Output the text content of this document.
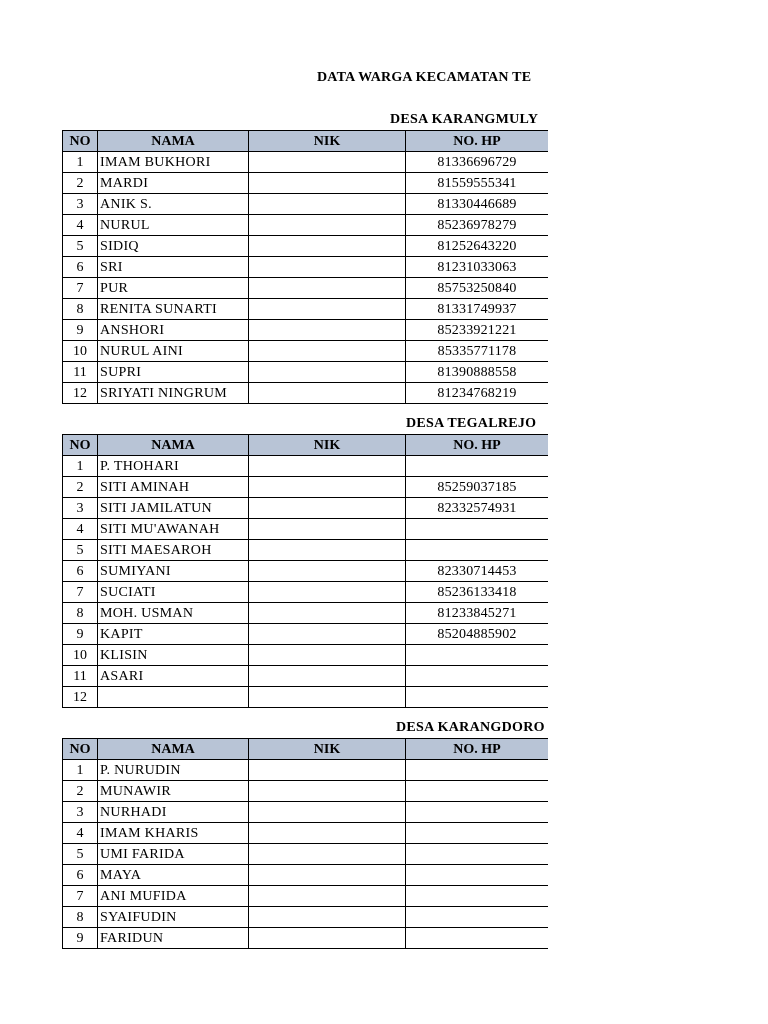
DATA WARGA KECAMATAN TE
DESA KARANGMULY
NO	NAMA	NIK	NO. HP
1	IMAM BUKHORI		81336696729
2	MARDI		81559555341
3	ANIK S.		81330446689
4	NURUL		85236978279
5	SIDIQ		81252643220
6	SRI		81231033063
7	PUR		85753250840
8	RENITA SUNARTI		81331749937
9	ANSHORI		85233921221
10	NURUL AINI		85335771178
11	SUPRI		81390888558
12	SRIYATI NINGRUM		81234768219
DESA TEGALREJO
NO	NAMA	NIK	NO. HP
1	P. THOHARI		
2	SITI AMINAH		85259037185
3	SITI JAMILATUN		82332574931
4	SITI MU'AWANAH		
5	SITI MAESAROH		
6	SUMIYANI		82330714453
7	SUCIATI		85236133418
8	MOH. USMAN		81233845271
9	KAPIT		85204885902
10	KLISIN		
11	ASARI		
12			
DESA KARANGDORO
NO	NAMA	NIK	NO. HP
1	P. NURUDIN		
2	MUNAWIR		
3	NURHADI		
4	IMAM KHARIS		
5	UMI FARIDA		
6	MAYA		
7	ANI MUFIDA		
8	SYAIFUDIN		
9	FARIDUN		
